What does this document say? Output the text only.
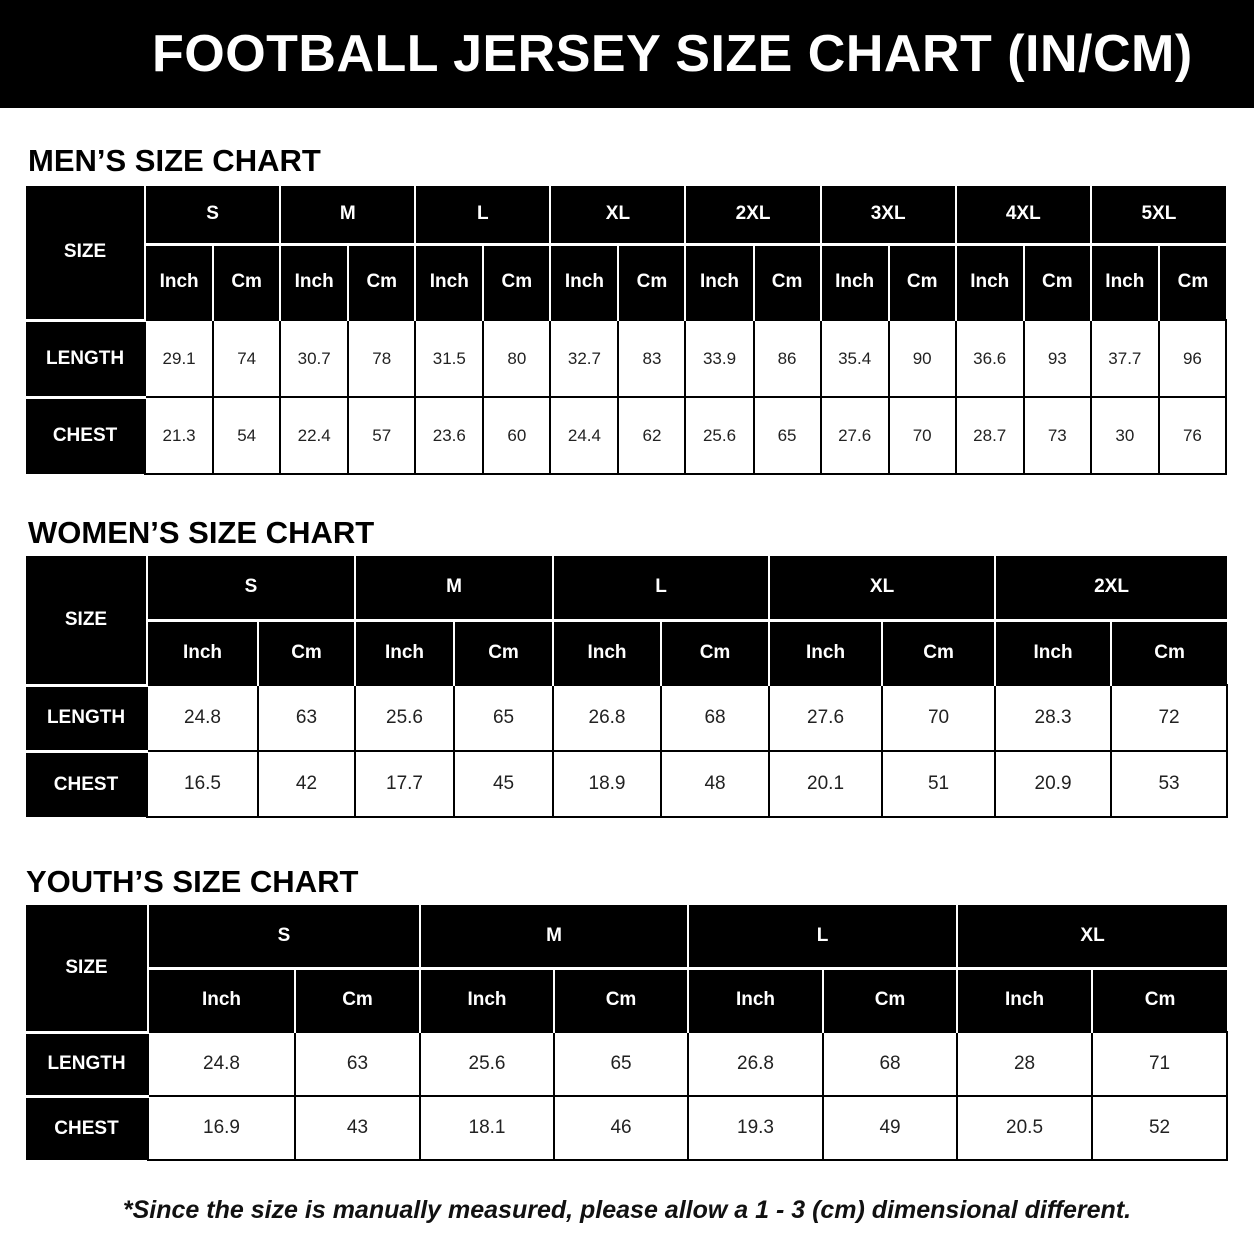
FOOTBALL JERSEY SIZE CHART (IN/CM)
MEN’S SIZE CHART
SIZE	S		M		L		XL		2XL		3XL		4XL		5XL	
	Inch	Cm	Inch	Cm	Inch	Cm	Inch	Cm	Inch	Cm	Inch	Cm	Inch	Cm	Inch	Cm
LENGTH	29.1	74	30.7	78	31.5	80	32.7	83	33.9	86	35.4	90	36.6	93	37.7	96
CHEST	21.3	54	22.4	57	23.6	60	24.4	62	25.6	65	27.6	70	28.7	73	30	76
WOMEN’S SIZE CHART
SIZE	S		M		L		XL		2XL	
	Inch	Cm	Inch	Cm	Inch	Cm	Inch	Cm	Inch	Cm
LENGTH	24.8	63	25.6	65	26.8	68	27.6	70	28.3	72
CHEST	16.5	42	17.7	45	18.9	48	20.1	51	20.9	53
YOUTH’S SIZE CHART
SIZE	S		M		L		XL	
	Inch	Cm	Inch	Cm	Inch	Cm	Inch	Cm
LENGTH	24.8	63	25.6	65	26.8	68	28	71
CHEST	16.9	43	18.1	46	19.3	49	20.5	52

*Since the size is manually measured, please allow a 1 - 3 (cm) dimensional different.
